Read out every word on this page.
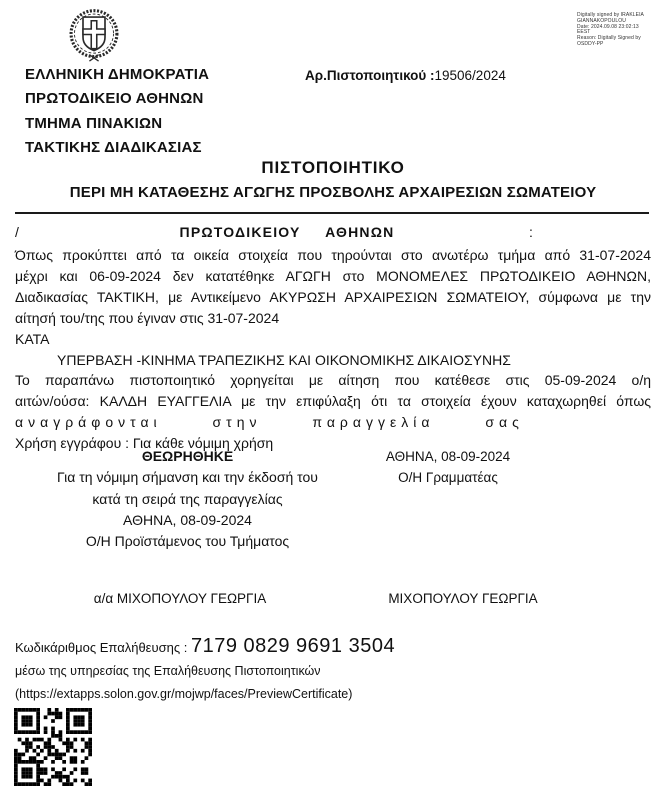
Digitally signed by IRAKLEIA
GIANNAKOPOULOU
Date: 2024.09.08 23:02:13
EEST
Reason: Digitally Signed by
OSDDY-PP
ΕΛΛΗΝΙΚΗ ΔΗΜΟΚΡΑΤΙΑ
ΠΡΩΤΟΔΙΚΕΙΟ ΑΘΗΝΩΝ
ΤΜΗΜΑ ΠΙΝΑΚΙΩΝ
ΤΑΚΤΙΚΗΣ ΔΙΑΔΙΚΑΣΙΑΣ
Αρ.Πιστοποιητικού :19506/2024
ΠΙΣΤΟΠΟΙΗΤΙΚΟ
ΠΕΡΙ ΜΗ ΚΑΤΑΘΕΣΗΣ ΑΓΩΓΗΣ ΠΡΟΣΒΟΛΗΣ ΑΡΧΑΙΡΕΣΙΩΝ ΣΩΜΑΤΕΙΟΥ
/	ΠΡΩΤΟΔΙΚΕΙΟΥ ΑΘΗΝΩΝ	:
Όπως προκύπτει από τα οικεία στοιχεία που τηρούνται στο ανωτέρω τμήμα από 31-07-2024
μέχρι και 06-09-2024 δεν κατατέθηκε ΑΓΩΓΗ στο ΜΟΝΟΜΕΛΕΣ ΠΡΩΤΟΔΙΚΕΙΟ ΑΘΗΝΩΝ,
Διαδικασίας ΤΑΚΤΙΚΗ, με Αντικείμενο ΑΚΥΡΩΣΗ ΑΡΧΑΙΡΕΣΙΩΝ ΣΩΜΑΤΕΙΟΥ, σύμφωνα με την
αίτησή του/της που έγιναν στις 31-07-2024
ΚΑΤΑ
ΥΠΕΡΒΑΣΗ -ΚΙΝΗΜΑ ΤΡΑΠΕΖΙΚΗΣ ΚΑΙ ΟΙΚΟΝΟΜΙΚΗΣ ΔΙΚΑΙΟΣΥΝΗΣ
Το παραπάνω πιστοποιητικό χορηγείται με αίτηση που κατέθεσε στις 05-09-2024 ο/η
αιτών/ούσα: ΚΑΛΔΗ ΕΥΑΓΓΕΛΙΑ με την επιφύλαξη ότι τα στοιχεία έχουν καταχωρηθεί όπως
αναγράφονται στην παραγγελία σας
Χρήση εγγράφου : Για κάθε νόμιμη χρήση
ΘΕΩΡΗΘΗΚΕ
Για τη νόμιμη σήμανση και την έκδοσή του
κατά τη σειρά της παραγγελίας
ΑΘΗΝΑ, 08-09-2024
Ο/Η Προϊστάμενος του Τμήματος
ΑΘΗΝΑ, 08-09-2024
Ο/Η Γραμματέας
α/α ΜΙΧΟΠΟΥΛΟΥ ΓΕΩΡΓΙΑ	ΜΙΧΟΠΟΥΛΟΥ ΓΕΩΡΓΙΑ
Κωδικάριθμος Επαλήθευσης : 7179 0829 9691 3504
μέσω της υπηρεσίας της Επαλήθευσης Πιστοποιητικών
(https://extapps.solon.gov.gr/mojwp/faces/PreviewCertificate)
